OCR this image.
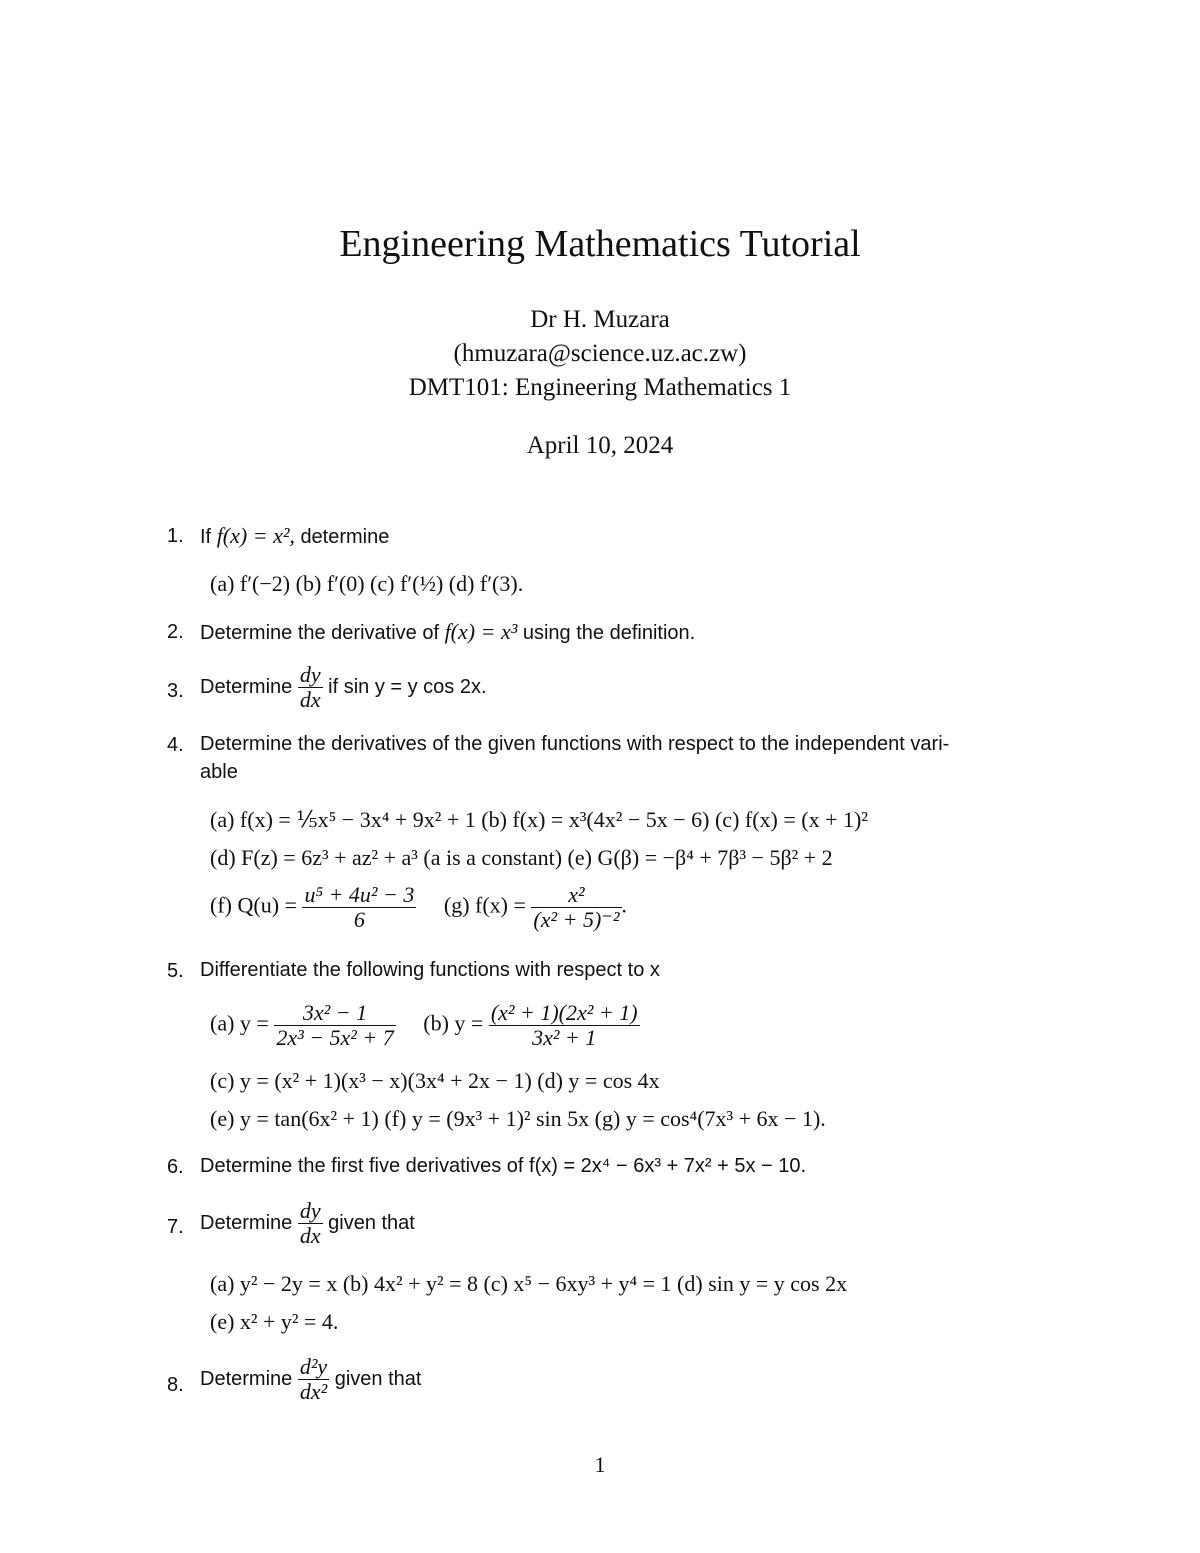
Engineering Mathematics Tutorial
Dr H. Muzara
(hmuzara@science.uz.ac.zw)
DMT101: Engineering Mathematics 1
April 10, 2024
1. If f(x) = x², determine
(a) f′(−2) (b) f′(0) (c) f′(½) (d) f′(3).
2. Determine the derivative of f(x) = x³ using the definition.
3. Determine $\frac{dy}{dx}$ if sin y = y cos 2x.
4. Determine the derivatives of the given functions with respect to the independent vari-
able
(a) f(x) = ⅕x⁵ − 3x⁴ + 9x² + 1 (b) f(x) = x³(4x² − 5x − 6) (c) f(x) = (x + 1)²
(d) F(z) = 6z³ + az² + a³ (a is a constant) (e) G(β) = −β⁴ + 7β³ − 5β² + 2
(f) $Q(u) = \frac{\text{u⁵ + 4u² − 3}}{6} (g) f(x) = \frac{\text{x²}}{\text{(x² + 5)⁻²}}$ .
5. Differentiate the following functions with respect to x
(a) $y = \frac{\text{3x² − 1}}{\text{2x³ − 5x² + 7}} (b) y = \frac{\text{(x² + 1)(2x² + 1)}}{\text{3x² + 1}}$
(c) y = (x² + 1)(x³ − x)(3x⁴ + 2x − 1) (d) y = cos 4x
(e) y = tan(6x² + 1) (f) y = (9x³ + 1)² sin 5x (g) y = cos⁴(7x³ + 6x − 1).
6. Determine the first five derivatives of f(x) = 2x⁴ − 6x³ + 7x² + 5x − 10.
7. Determine $\frac{dy}{dx}$ given that
(a) y² − 2y = x (b) 4x² + y² = 8 (c) x⁵ − 6xy³ + y⁴ = 1 (d) sin y = y cos 2x
(e) x² + y² = 4.
8. Determine $\frac{\text{d²y}}{\text{dx²}}$ given that
1
